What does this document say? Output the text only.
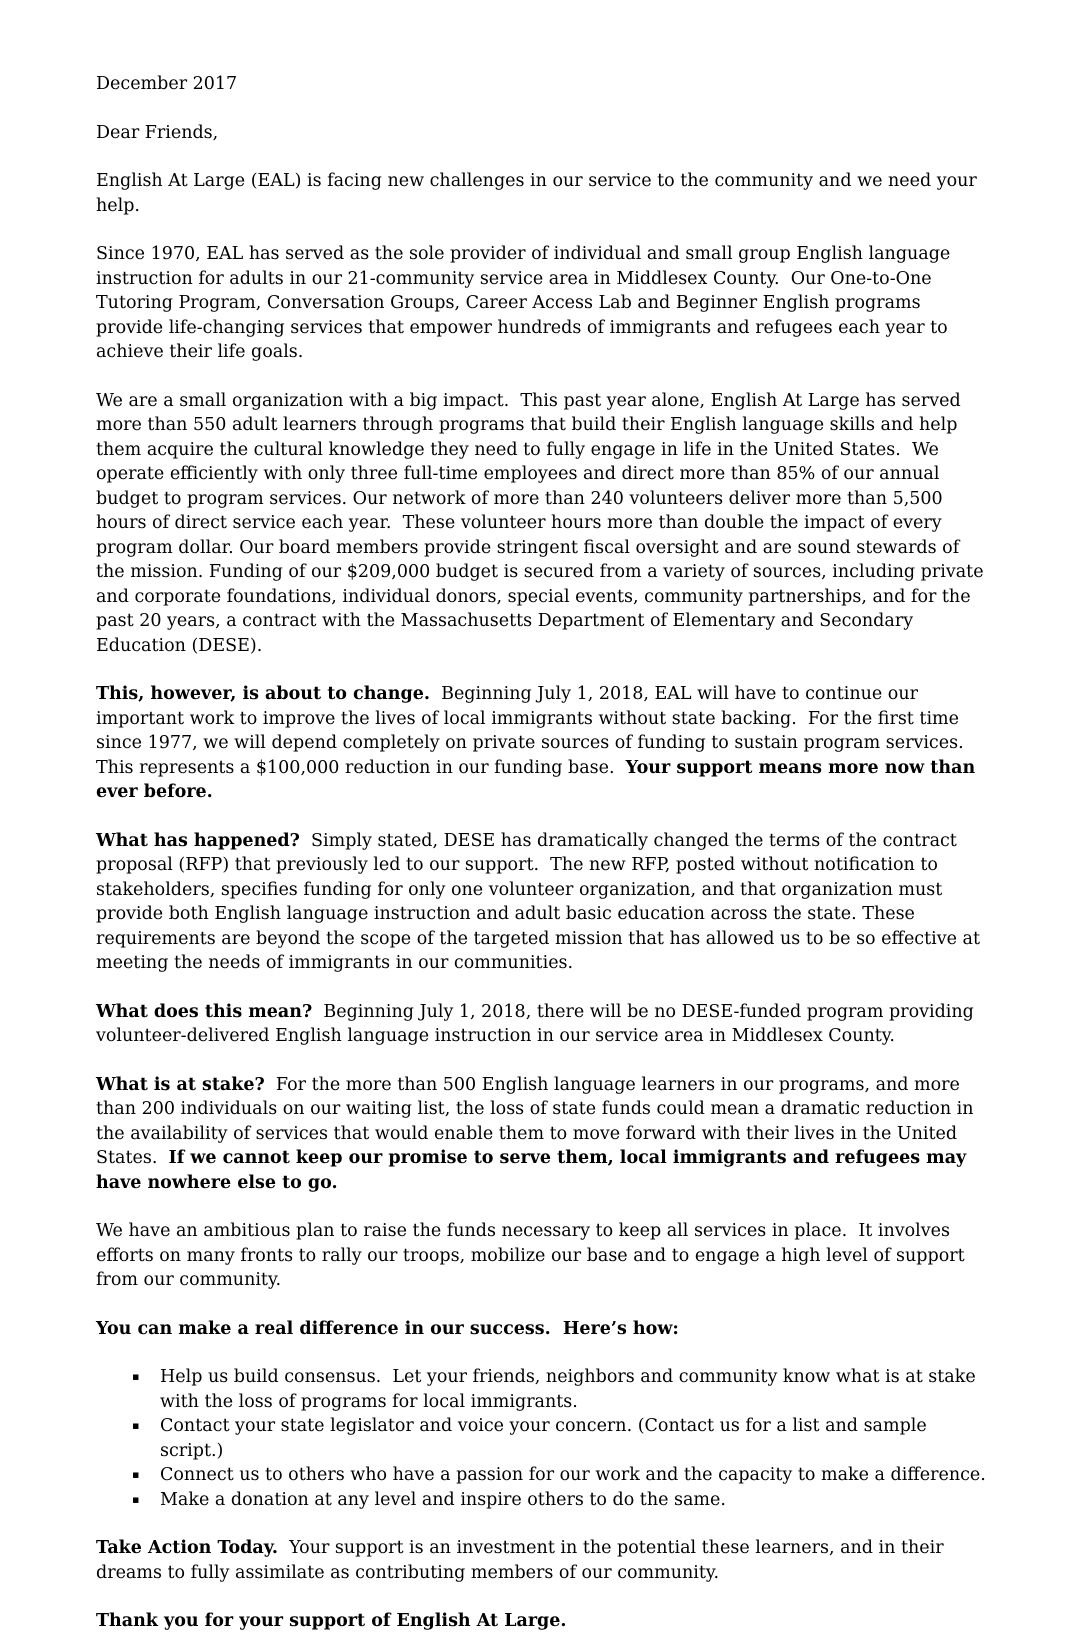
December 2017

Dear Friends,

English At Large (EAL) is facing new challenges in our service to the community and we need your help.

Since 1970, EAL has served as the sole provider of individual and small group English language instruction for adults in our 21-community service area in Middlesex County.  Our One-to-One Tutoring Program, Conversation Groups, Career Access Lab and Beginner English programs provide life-changing services that empower hundreds of immigrants and refugees each year to achieve their life goals.

We are a small organization with a big impact.  This past year alone, English At Large has served more than 550 adult learners through programs that build their English language skills and help them acquire the cultural knowledge they need to fully engage in life in the United States.  We operate efficiently with only three full-time employees and direct more than 85% of our annual budget to program services. Our network of more than 240 volunteers deliver more than 5,500 hours of direct service each year.  These volunteer hours more than double the impact of every program dollar. Our board members provide stringent fiscal oversight and are sound stewards of the mission. Funding of our $209,000 budget is secured from a variety of sources, including private and corporate foundations, individual donors, special events, community partnerships, and for the past 20 years, a contract with the Massachusetts Department of Elementary and Secondary Education (DESE).

This, however, is about to change.  Beginning July 1, 2018, EAL will have to continue our important work to improve the lives of local immigrants without state backing.  For the first time since 1977, we will depend completely on private sources of funding to sustain program services.  This represents a $100,000 reduction in our funding base.  Your support means more now than ever before.

What has happened?  Simply stated, DESE has dramatically changed the terms of the contract proposal (RFP) that previously led to our support.  The new RFP, posted without notification to stakeholders, specifies funding for only one volunteer organization, and that organization must provide both English language instruction and adult basic education across the state. These requirements are beyond the scope of the targeted mission that has allowed us to be so effective at meeting the needs of immigrants in our communities.

What does this mean?  Beginning July 1, 2018, there will be no DESE-funded program providing volunteer-delivered English language instruction in our service area in Middlesex County.

What is at stake?  For the more than 500 English language learners in our programs, and more than 200 individuals on our waiting list, the loss of state funds could mean a dramatic reduction in the availability of services that would enable them to move forward with their lives in the United States.  If we cannot keep our promise to serve them, local immigrants and refugees may have nowhere else to go.

We have an ambitious plan to raise the funds necessary to keep all services in place.  It involves efforts on many fronts to rally our troops, mobilize our base and to engage a high level of support from our community.

You can make a real difference in our success.  Here’s how:

▪	Help us build consensus.  Let your friends, neighbors and community know what is at stake with the loss of programs for local immigrants.
▪	Contact your state legislator and voice your concern. (Contact us for a list and sample script.)
▪	Connect us to others who have a passion for our work and the capacity to make a difference.
▪	Make a donation at any level and inspire others to do the same.

Take Action Today.  Your support is an investment in the potential these learners, and in their dreams to fully assimilate as contributing members of our community.

Thank you for your support of English At Large.
